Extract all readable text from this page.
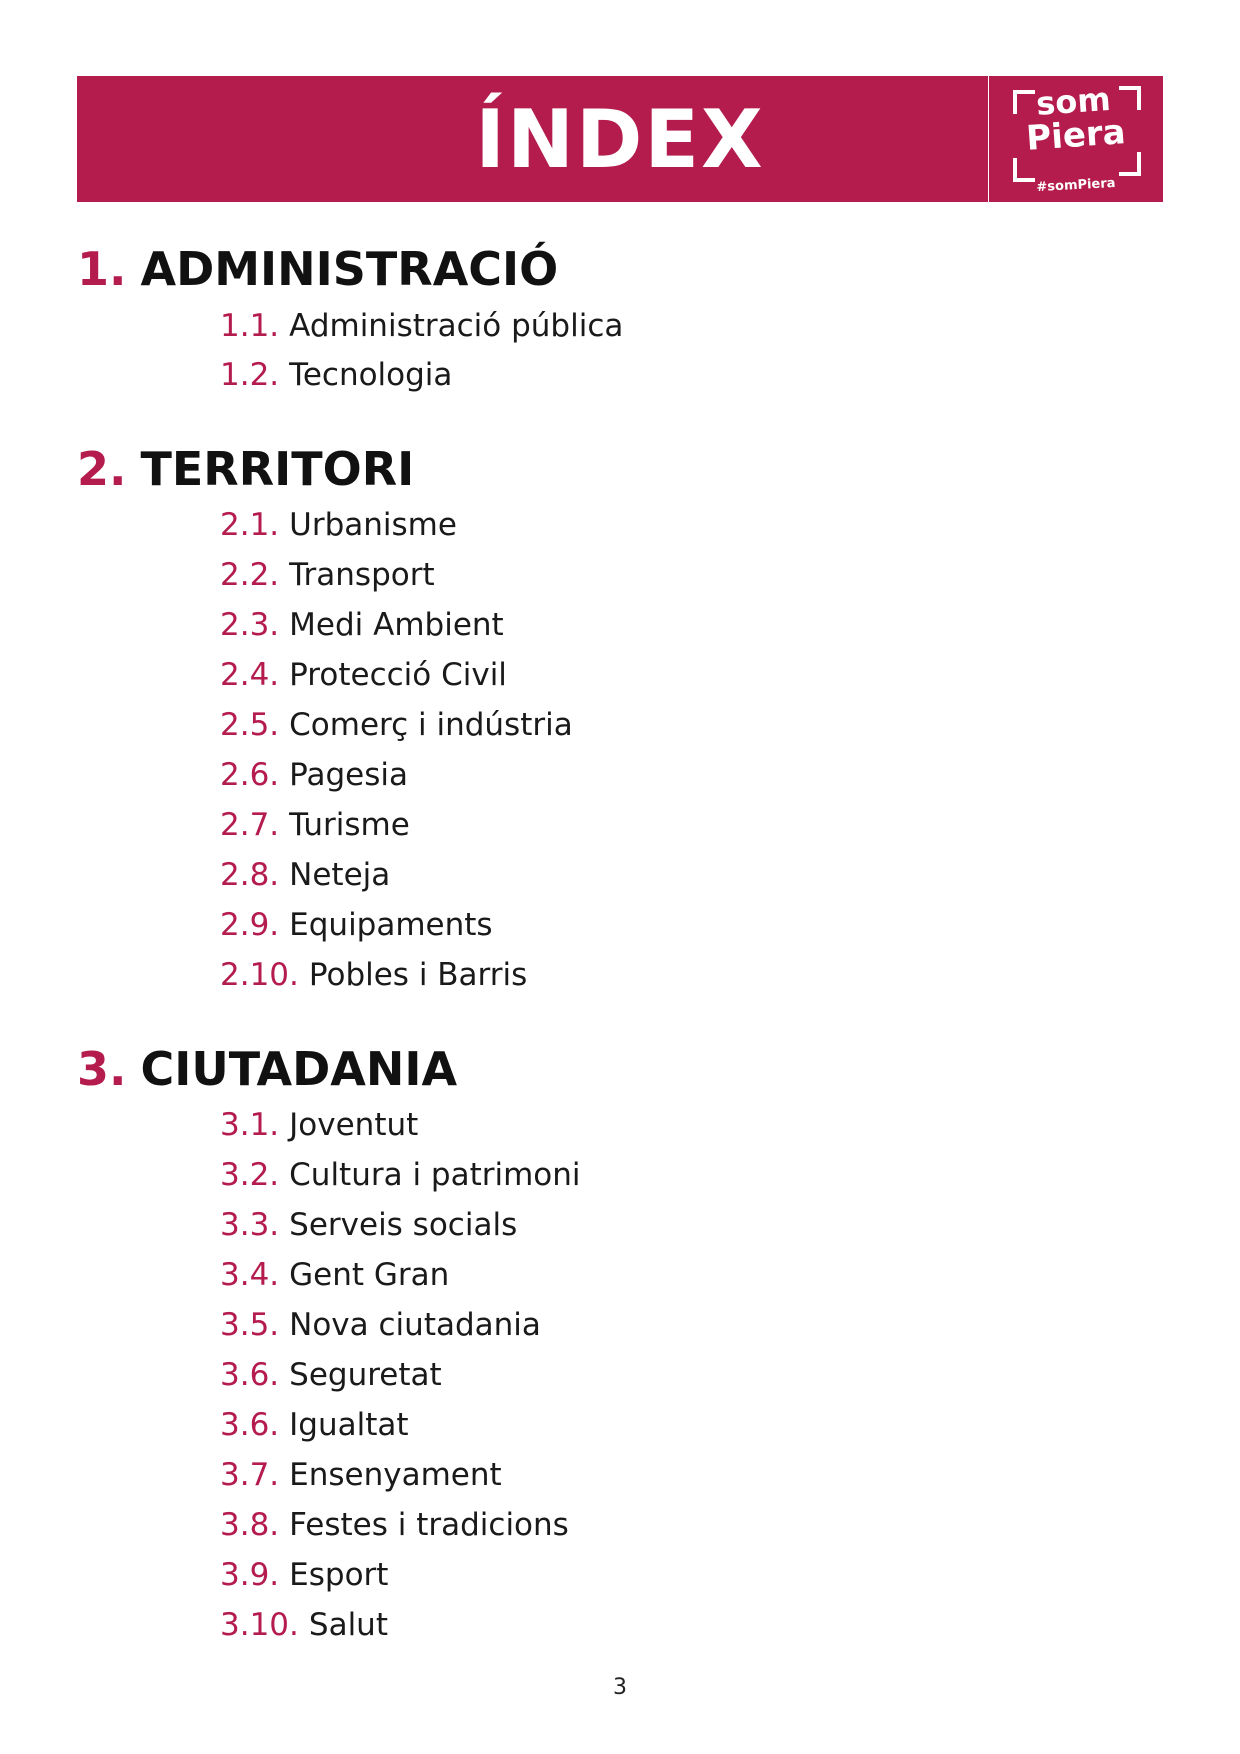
ÍNDEX	som
Piera
#somPiera
1. ADMINISTRACIÓ
1.1. Administració pública
1.2. Tecnologia
2. TERRITORI
2.1. Urbanisme
2.2. Transport
2.3. Medi Ambient
2.4. Protecció Civil
2.5. Comerç i indústria
2.6. Pagesia
2.7. Turisme
2.8. Neteja
2.9. Equipaments
2.10. Pobles i Barris
3. CIUTADANIA
3.1. Joventut
3.2. Cultura i patrimoni
3.3. Serveis socials
3.4. Gent Gran
3.5. Nova ciutadania
3.6. Seguretat
3.6. Igualtat
3.7. Ensenyament
3.8. Festes i tradicions
3.9. Esport
3.10. Salut
3
